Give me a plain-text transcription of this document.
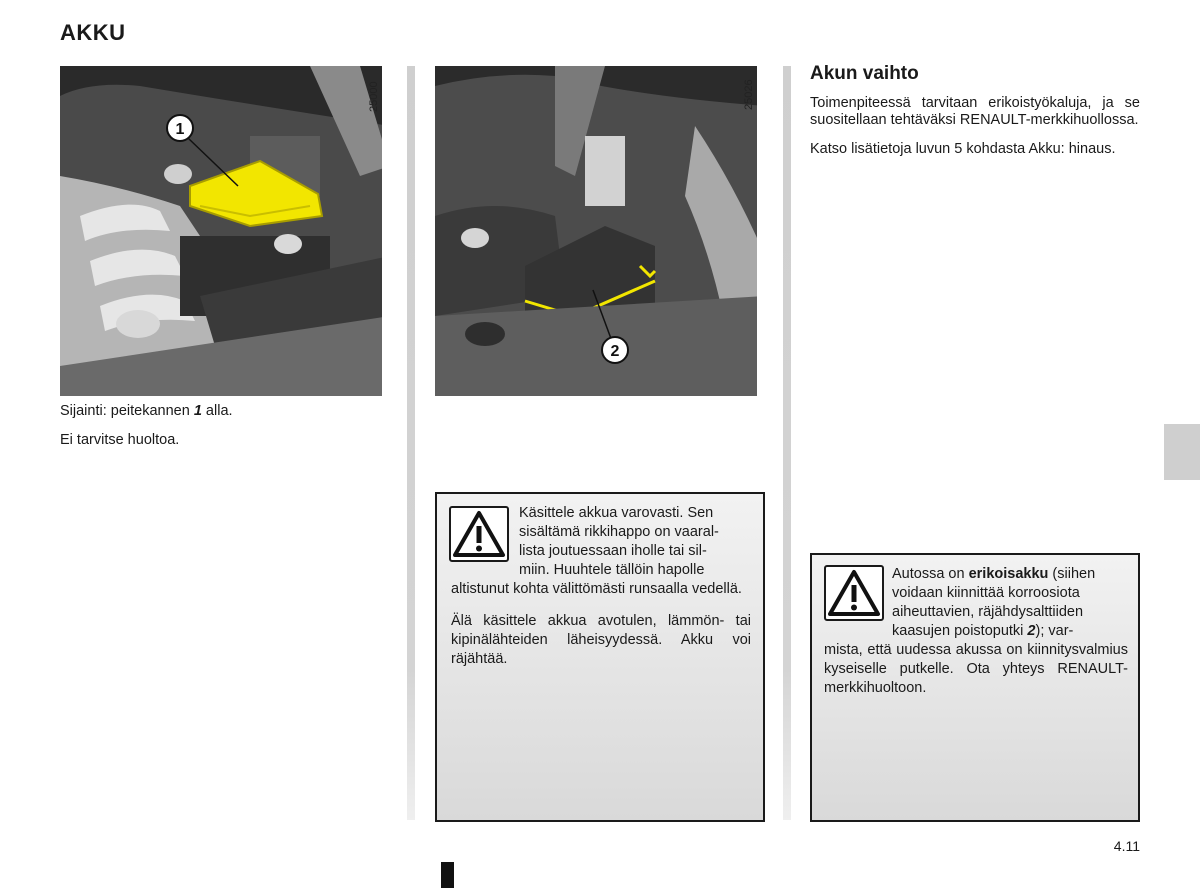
AKKU
1
25000
2
25026

Sijainti: peitekannen 1 alla.

Ei tarvitse huoltoa.

Käsittele akkua varovasti. Sen
sisältämä rikkihappo on vaaral-
lista joutuessaan iholle tai sil-
miin. Huuhtele tällöin hapolle

altistunut kohta välittömästi runsaalla vedellä.

Älä käsittele akkua avotulen, lämmön- tai kipinälähteiden läheisyydessä. Akku voi räjähtää.

Akun vaihto

Toimenpiteessä tarvitaan erikoistyökaluja, ja se suositellaan tehtäväksi RENAULT-merkkihuollossa.

Katso lisätietoja luvun 5 kohdasta Akku: hinaus.

Autossa on erikoisakku (siihen
voidaan kiinnittää korroosiota
aiheuttavien, räjähdysalttiiden
kaasujen poistoputki 2); var-

mista, että uudessa akussa on kiinnitysvalmius kyseiselle putkelle. Ota yhteys RENAULT-merkkihuoltoon.

4.11
